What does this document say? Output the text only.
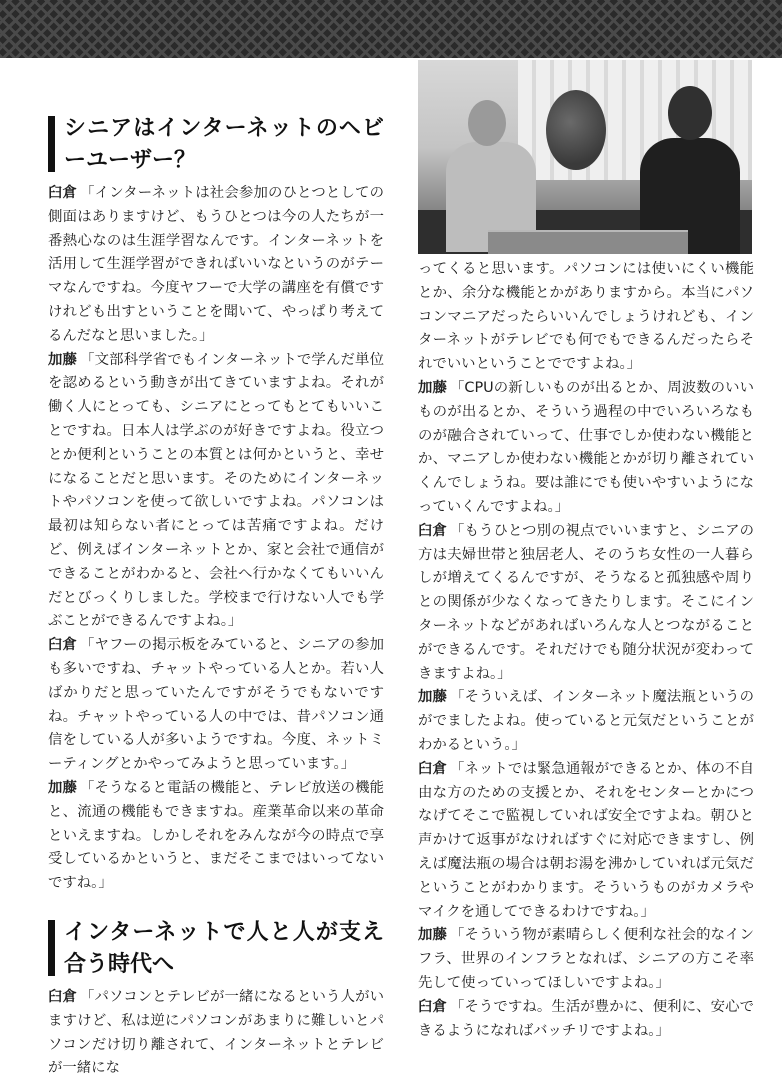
シニアはインターネットのヘビーユーザー？

臼倉 「インターネットは社会参加のひとつとしての側面はありますけど、もうひとつは今の人たちが一番熱心なのは生涯学習なんです。インターネットを活用して生涯学習ができればいいなというのがテーマなんですね。今度ヤフーで大学の講座を有償ですけれども出すということを聞いて、やっぱり考えてるんだなと思いました。」

加藤 「文部科学省でもインターネットで学んだ単位を認めるという動きが出てきていますよね。それが働く人にとっても、シニアにとってもとてもいいことですね。日本人は学ぶのが好きですよね。役立つとか便利ということの本質とは何かというと、幸せになることだと思います。そのためにインターネットやパソコンを使って欲しいですよね。パソコンは最初は知らない者にとっては苦痛ですよね。だけど、例えばインターネットとか、家と会社で通信ができることがわかると、会社へ行かなくてもいいんだとびっくりしました。学校まで行けない人でも学ぶことができるんですよね。」

臼倉 「ヤフーの掲示板をみていると、シニアの参加も多いですね、チャットやっている人とか。若い人ばかりだと思っていたんですがそうでもないですね。チャットやっている人の中では、昔パソコン通信をしている人が多いようですね。今度、ネットミーティングとかやってみようと思っています。」

加藤 「そうなると電話の機能と、テレビ放送の機能と、流通の機能もできますね。産業革命以来の革命といえますね。しかしそれをみんなが今の時点で享受しているかというと、まだそこまではいってないですね。」

インターネットで人と人が支え合う時代へ

臼倉 「パソコンとテレビが一緒になるという人がいますけど、私は逆にパソコンがあまりに難しいとパソコンだけ切り離されて、インターネットとテレビが一緒にな

ってくると思います。パソコンには使いにくい機能とか、余分な機能とかがありますから。本当にパソコンマニアだったらいいんでしょうけれども、インターネットがテレビでも何でもできるんだったらそれでいいということでですよね。」

加藤 「CPUの新しいものが出るとか、周波数のいいものが出るとか、そういう過程の中でいろいろなものが融合されていって、仕事でしか使わない機能とか、マニアしか使わない機能とかが切り離されていくんでしょうね。要は誰にでも使いやすいようになっていくんですよね。」

臼倉 「もうひとつ別の視点でいいますと、シニアの方は夫婦世帯と独居老人、そのうち女性の一人暮らしが増えてくるんですが、そうなると孤独感や周りとの関係が少なくなってきたりします。そこにインターネットなどがあればいろんな人とつながることができるんです。それだけでも随分状況が変わってきますよね。」

加藤 「そういえば、インターネット魔法瓶というのがでましたよね。使っていると元気だということがわかるという。」

臼倉 「ネットでは緊急通報ができるとか、体の不自由な方のための支援とか、それをセンターとかにつなげてそこで監視していれば安全ですよね。朝ひと声かけて返事がなければすぐに対応できますし、例えば魔法瓶の場合は朝お湯を沸かしていれば元気だということがわかります。そういうものがカメラやマイクを通してできるわけですね。」

加藤 「そういう物が素晴らしく便利な社会的なインフラ、世界のインフラとなれば、シニアの方こそ率先して使っていってほしいですよね。」

臼倉 「そうですね。生活が豊かに、便利に、安心できるようになればバッチリですよね。」
